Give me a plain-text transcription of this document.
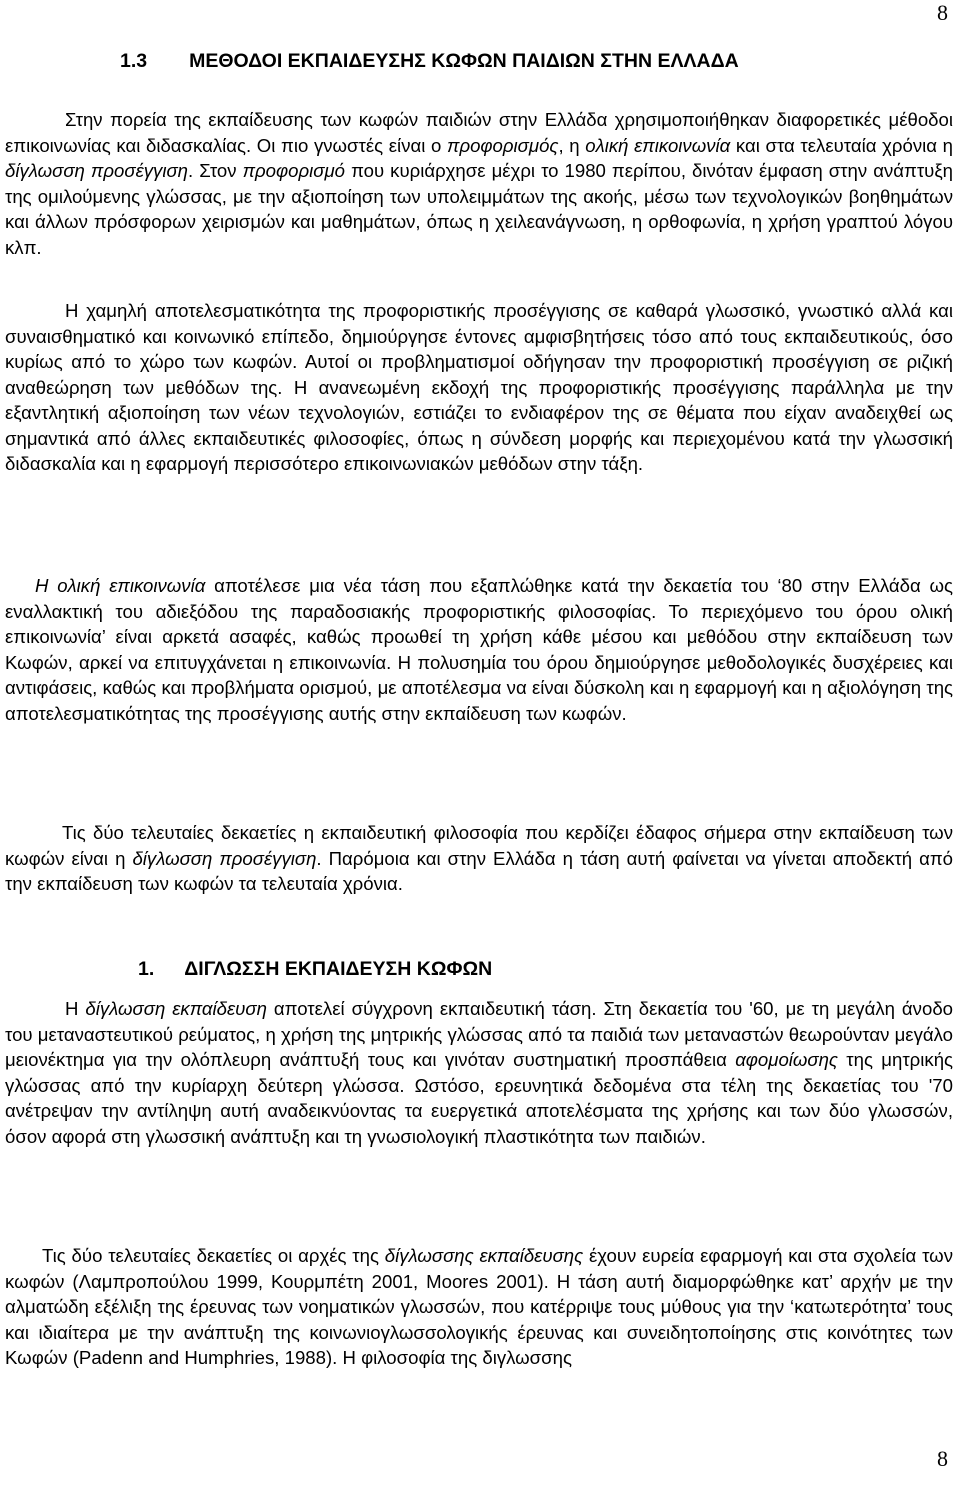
8
1.3 ΜΕΘΟΔΟΙ ΕΚΠΑΙΔΕΥΣΗΣ ΚΩΦΩΝ ΠΑΙΔΙΩΝ ΣΤΗΝ ΕΛΛΑΔΑ
Στην πορεία της εκπαίδευσης των κωφών παιδιών στην Ελλάδα χρησιμοποιήθηκαν διαφορετικές μέθοδοι επικοινωνίας και διδασκαλίας. Οι πιο γνωστές είναι ο προφορισμός, η ολική επικοινωνία και στα τελευταία χρόνια η δίγλωσση προσέγγιση. Στον προφορισμό που κυριάρχησε μέχρι το 1980 περίπου, δινόταν έμφαση στην ανάπτυξη της ομιλούμενης γλώσσας, με την αξιοποίηση των υπολειμμάτων της ακοής, μέσω των τεχνολογικών βοηθημάτων και άλλων πρόσφορων χειρισμών και μαθημάτων, όπως η χειλεανάγνωση, η ορθοφωνία, η χρήση γραπτού λόγου κλπ.
Η χαμηλή αποτελεσματικότητα της προφοριστικής προσέγγισης σε καθαρά γλωσσικό, γνωστικό αλλά και συναισθηματικό και κοινωνικό επίπεδο, δημιούργησε έντονες αμφισβητήσεις τόσο από τους εκπαιδευτικούς, όσο κυρίως από το χώρο των κωφών. Αυτοί οι προβληματισμοί οδήγησαν την προφοριστική προσέγγιση σε ριζική αναθεώρηση των μεθόδων της. Η ανανεωμένη εκδοχή της προφοριστικής προσέγγισης παράλληλα με την εξαντλητική αξιοποίηση των νέων τεχνολογιών, εστιάζει το ενδιαφέρον της σε θέματα που είχαν αναδειχθεί ως σημαντικά από άλλες εκπαιδευτικές φιλοσοφίες, όπως η σύνδεση μορφής και περιεχομένου κατά την γλωσσική διδασκαλία και η εφαρμογή περισσότερο επικοινωνιακών μεθόδων στην τάξη.
Η ολική επικοινωνία αποτέλεσε μια νέα τάση που εξαπλώθηκε κατά την δεκαετία του ‘80 στην Ελλάδα ως εναλλακτική του αδιεξόδου της παραδοσιακής προφοριστικής φιλοσοφίας. Το περιεχόμενο του όρου ολική επικοινωνία’ είναι αρκετά ασαφές, καθώς προωθεί τη χρήση κάθε μέσου και μεθόδου στην εκπαίδευση των Κωφών, αρκεί να επιτυγχάνεται η επικοινωνία. Η πολυσημία του όρου δημιούργησε μεθοδολογικές δυσχέρειες και αντιφάσεις, καθώς και προβλήματα ορισμού, με αποτέλεσμα να είναι δύσκολη και η εφαρμογή και η αξιολόγηση της αποτελεσματικότητας της προσέγγισης αυτής στην εκπαίδευση των κωφών.
Τις δύο τελευταίες δεκαετίες η εκπαιδευτική φιλοσοφία που κερδίζει έδαφος σήμερα στην εκπαίδευση των κωφών είναι η δίγλωσση προσέγγιση. Παρόμοια και στην Ελλάδα η τάση αυτή φαίνεται να γίνεται αποδεκτή από την εκπαίδευση των κωφών τα τελευταία χρόνια.
1. ΔΙΓΛΩΣΣΗ ΕΚΠΑΙΔΕΥΣΗ ΚΩΦΩΝ
Η δίγλωσση εκπαίδευση αποτελεί σύγχρονη εκπαιδευτική τάση. Στη δεκαετία του '60, με τη μεγάλη άνοδο του μεταναστευτικού ρεύματος, η χρήση της μητρικής γλώσσας από τα παιδιά των μεταναστών θεωρούνταν μεγάλο μειονέκτημα για την ολόπλευρη ανάπτυξή τους και γινόταν συστηματική προσπάθεια αφομοίωσης της μητρικής γλώσσας από την κυρίαρχη δεύτερη γλώσσα. Ωστόσο, ερευνητικά δεδομένα στα τέλη της δεκαετίας του '70 ανέτρεψαν την αντίληψη αυτή αναδεικνύοντας τα ευεργετικά αποτελέσματα της χρήσης και των δύο γλωσσών, όσον αφορά στη γλωσσική ανάπτυξη και τη γνωσιολογική πλαστικότητα των παιδιών.
Τις δύο τελευταίες δεκαετίες οι αρχές της δίγλωσσης εκπαίδευσης έχουν ευρεία εφαρμογή και στα σχολεία των κωφών (Λαμπροπούλου 1999, Κουρμπέτη 2001, Moores 2001). Η τάση αυτή διαμορφώθηκε κατ’ αρχήν με την αλματώδη εξέλιξη της έρευνας των νοηματικών γλωσσών, που κατέρριψε τους μύθους για την ‘κατωτερότητα’ τους και ιδιαίτερα με την ανάπτυξη της κοινωνιογλωσσολογικής έρευνας και συνειδητοποίησης στις κοινότητες των Κωφών (Padenn and Humphries, 1988). Η φιλοσοφία της διγλωσσης
8
